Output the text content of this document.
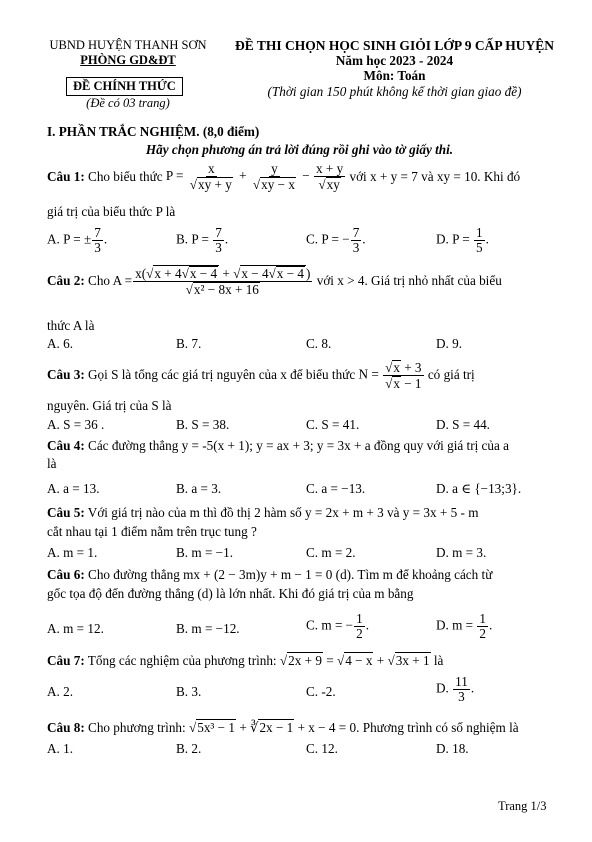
UBND HUYỆN THANH SƠN
PHÒNG GD&ĐT
ĐỀ CHÍNH THỨC
(Đề có 03 trang)
ĐỀ THI CHỌN HỌC SINH GIỎI LỚP 9 CẤP HUYỆN
Năm học 2023 - 2024
Môn: Toán
(Thời gian 150 phút không kể thời gian giao đề)
I. PHẦN TRẮC NGHIỆM. (8,0 điểm)
Hãy chọn phương án trả lời đúng rồi ghi vào tờ giấy thi.
Câu 1:
Cho biểu thức
$P = \frac{x}{√xy + y} + \frac{y}{√xy - x} - \frac{x + y}{√xy}$
với x + y = 7 và xy = 10. Khi đó
giá trị của biểu thức P là
A. P = ± $\frac{7}{3}$ .	B. $P = \frac{7}{3}$ .	C. P = − $\frac{7}{3}$ .	D. $P = \frac{1}{5}$ .
Câu 2:
Cho $A = \frac{x(√x + 4√x - 4 + √x - 4√x - 4 )}{\text{√x² − 8x + 16}}$
với x > 4. Giá trị nhỏ nhất của biểu
thức A là
A. 6.	B. 7.	C. 8.	D. 9.
Câu 3:
Gọi S là tổng các giá trị nguyên của x để biểu thức
$N = \frac{√x + 3}{√x - 1}$
có giá trị
nguyên. Giá trị của S là
A. S = 36 .	B. S = 38.	C. S = 41.	D. S = 44.
Câu 4: Các đường thẳng y = -5(x + 1); y = ax + 3; y = 3x + a đồng quy với giá trị của a
là
A. a = 13.	B. a = 3.	C. a = −13.	D. a ∈ {−13;3}.
Câu 5: Với giá trị nào của m thì đồ thị 2 hàm số y = 2x + m + 3 và y = 3x + 5 - m
cắt nhau tại 1 điểm nằm trên trục tung ?
A. m = 1.	B. m = −1.	C. m = 2.	D. m = 3.
Câu 6: Cho đường thẳng mx + (2 − 3m)y + m − 1 = 0 (d). Tìm m để khoảng cách từ
gốc tọa độ đến đường thẳng (d) là lớn nhất. Khi đó giá trị của m bằng
A. m = 12.	B. m = −12.	C. m = − $\frac{1}{2}$ .	D. $m = \frac{1}{2}$ .
Câu 7: Tổng các nghiệm của phương trình: √2x + 9 = √4 − x + √3x + 1 là
A. 2.	B. 3.	C. -2.	D. $\frac{11}{3}$ .
Câu 8: Cho phương trình: √5x³ − 1 + ∛2x − 1 + x − 4 = 0. Phương trình có số nghiệm là
A. 1.	B. 2.	C. 12.	D. 18.
Trang 1/3
